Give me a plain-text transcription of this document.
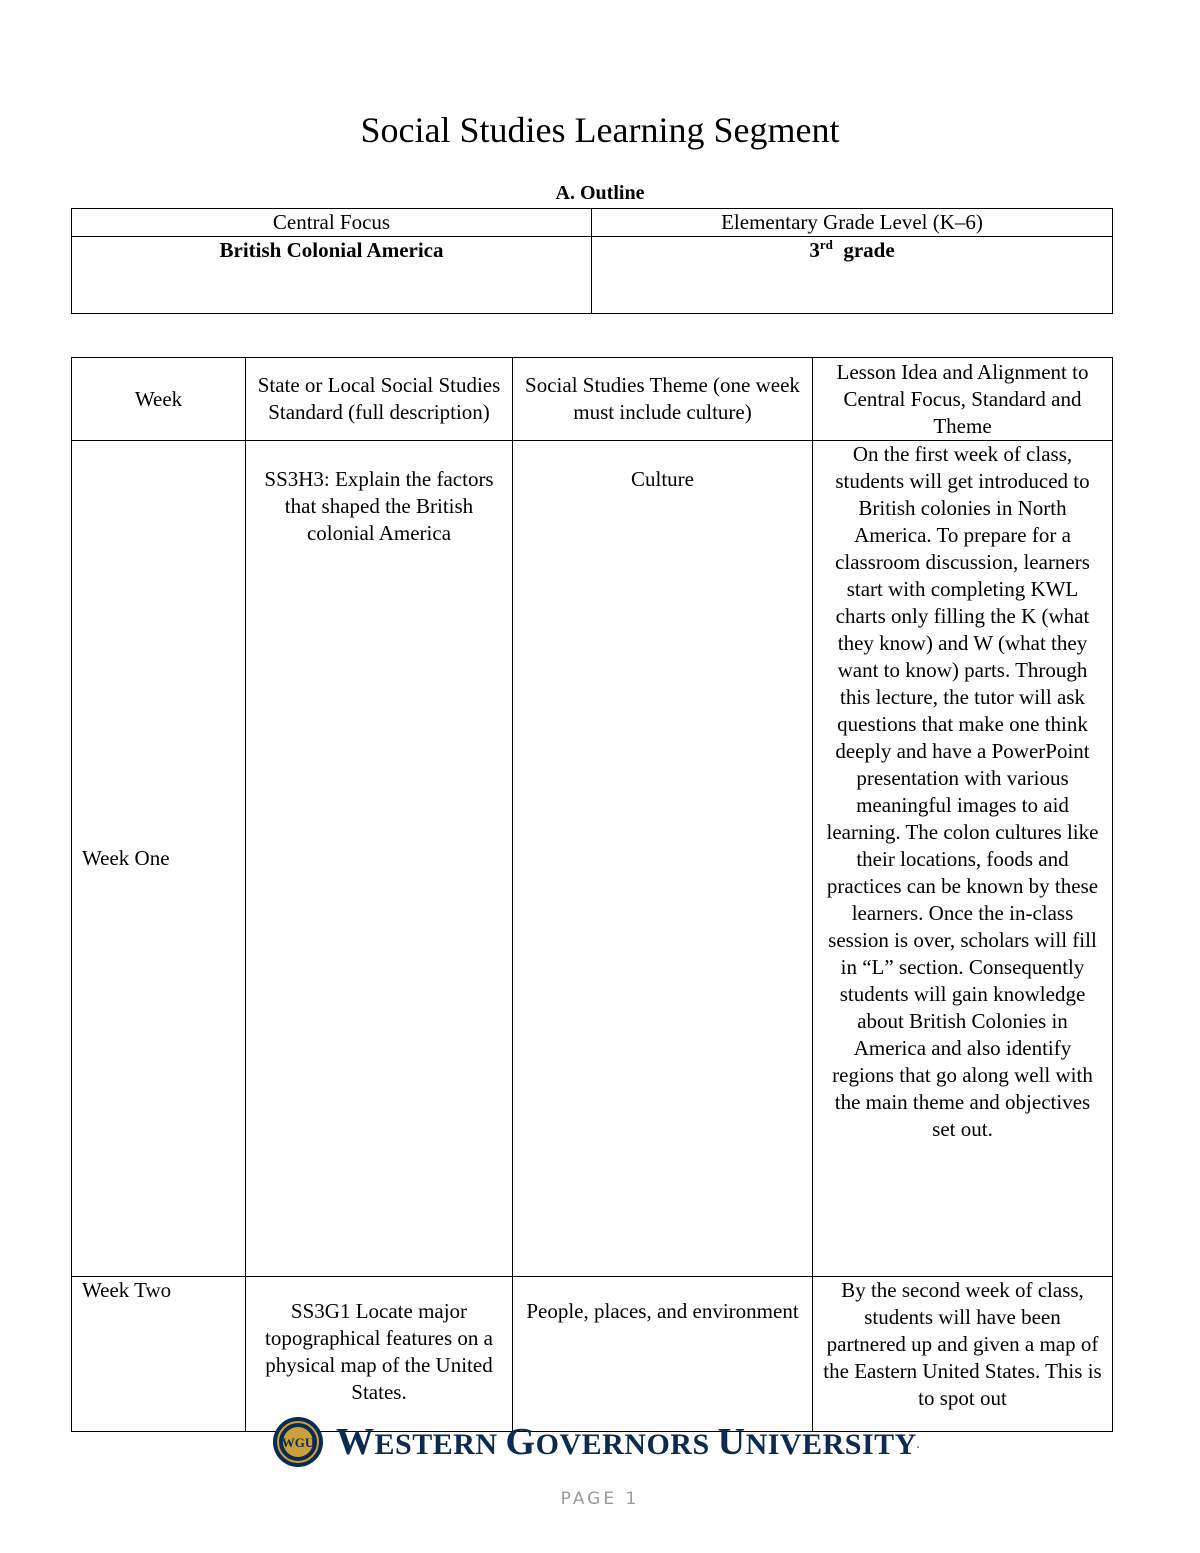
Social Studies Learning Segment
A. Outline
Central Focus	Elementary Grade Level (K–6)
British Colonial America	3rd grade
Week	State or Local Social Studies Standard (full description)	Social Studies Theme (one week must include culture)	Lesson Idea and Alignment to Central Focus, Standard and Theme
Week One	SS3H3: Explain the factors that shaped the British colonial America	Culture	On the first week of class, students will get introduced to British colonies in North America. To prepare for a classroom discussion, learners start with completing KWL charts only filling the K (what they know) and W (what they want to know) parts. Through this lecture, the tutor will ask questions that make one think deeply and have a PowerPoint presentation with various meaningful images to aid learning. The colon cultures like their locations, foods and practices can be known by these learners. Once the in-class session is over, scholars will fill in “L” section. Consequently students will gain knowledge about British Colonies in America and also identify regions that go along well with the main theme and objectives set out.
Week Two	SS3G1 Locate major topographical features on a physical map of the United States.	People, places, and environment	By the second week of class, students will have been partnered up and given a map of the Eastern United States. This is to spot out
WGU WESTERN GOVERNORS UNIVERSITY.
PAGE 1
